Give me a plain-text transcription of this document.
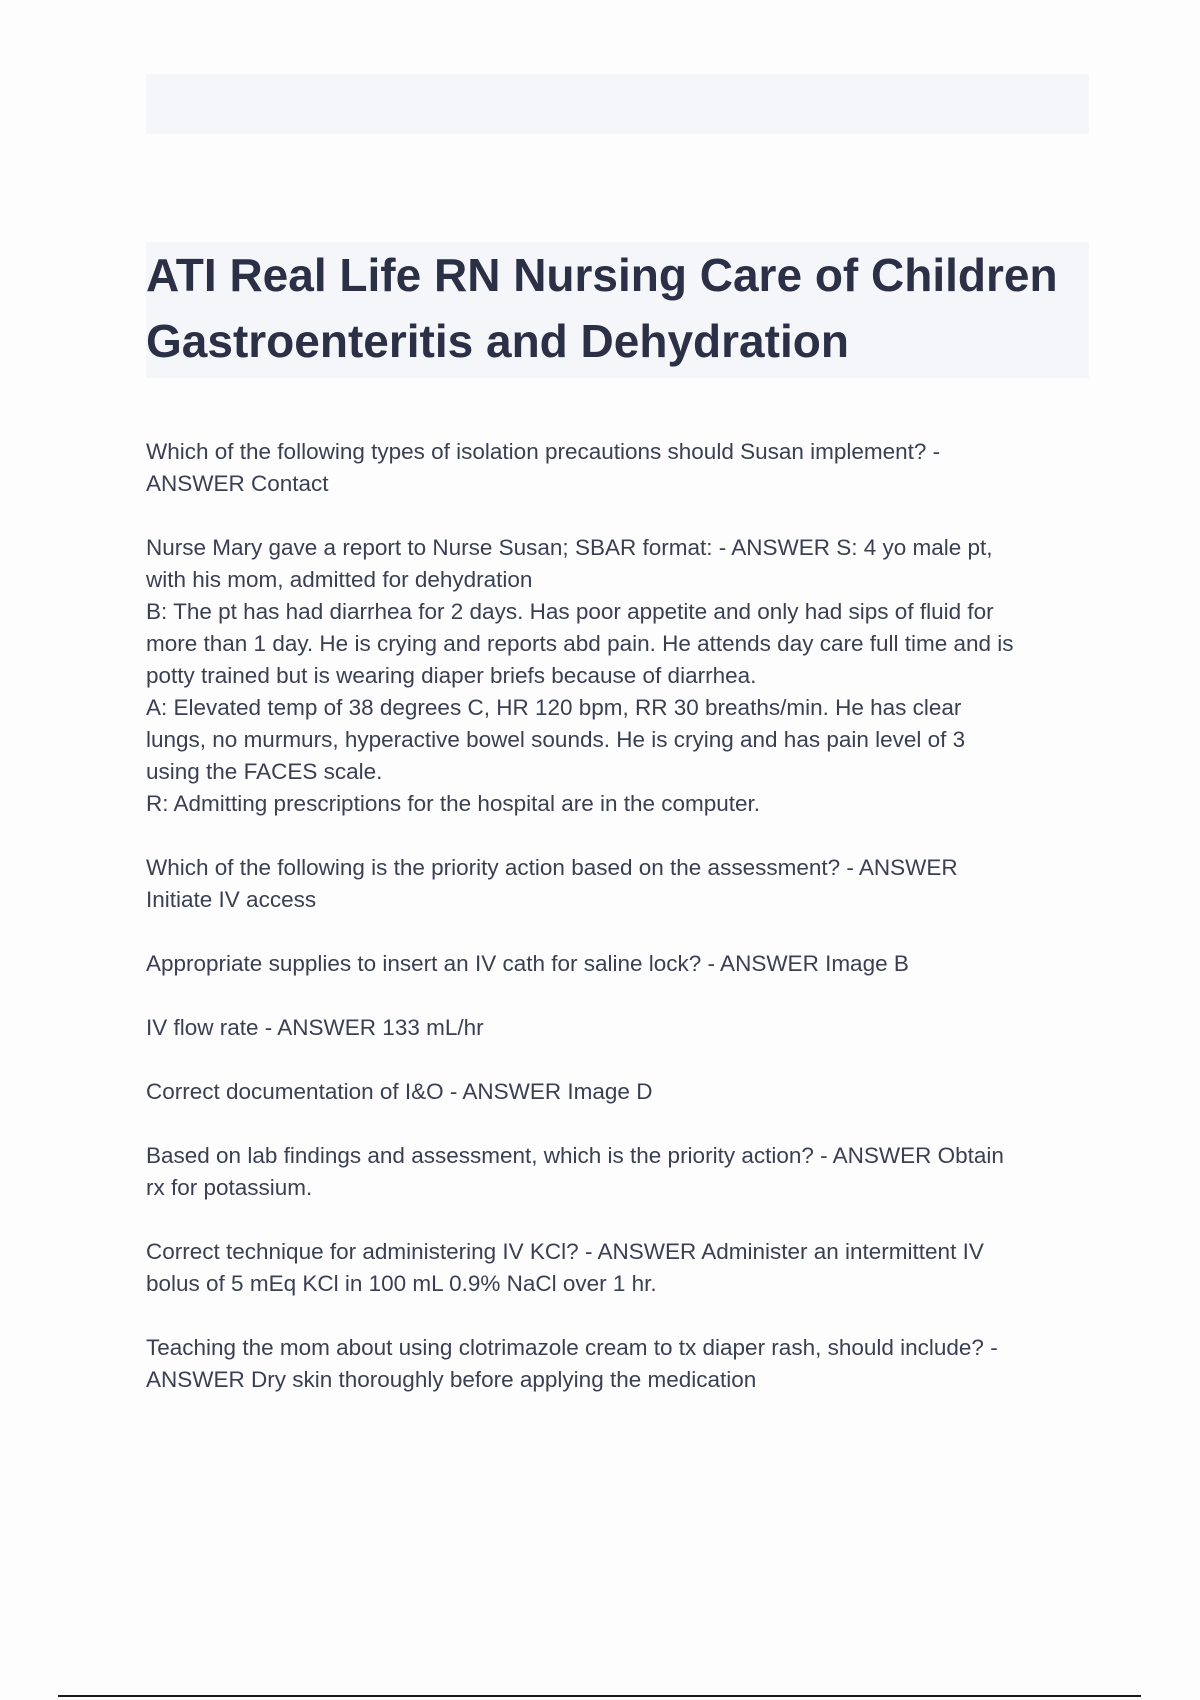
ATI Real Life RN Nursing Care of Children
Gastroenteritis and Dehydration
Which of the following types of isolation precautions should Susan implement? -
ANSWER Contact
Nurse Mary gave a report to Nurse Susan; SBAR format: - ANSWER S: 4 yo male pt,
with his mom, admitted for dehydration
B: The pt has had diarrhea for 2 days. Has poor appetite and only had sips of fluid for
more than 1 day. He is crying and reports abd pain. He attends day care full time and is
potty trained but is wearing diaper briefs because of diarrhea.
A: Elevated temp of 38 degrees C, HR 120 bpm, RR 30 breaths/min. He has clear
lungs, no murmurs, hyperactive bowel sounds. He is crying and has pain level of 3
using the FACES scale.
R: Admitting prescriptions for the hospital are in the computer.
Which of the following is the priority action based on the assessment? - ANSWER
Initiate IV access
Appropriate supplies to insert an IV cath for saline lock? - ANSWER Image B
IV flow rate - ANSWER 133 mL/hr
Correct documentation of I&O - ANSWER Image D
Based on lab findings and assessment, which is the priority action? - ANSWER Obtain
rx for potassium.
Correct technique for administering IV KCl? - ANSWER Administer an intermittent IV
bolus of 5 mEq KCl in 100 mL 0.9% NaCl over 1 hr.
Teaching the mom about using clotrimazole cream to tx diaper rash, should include? -
ANSWER Dry skin thoroughly before applying the medication
